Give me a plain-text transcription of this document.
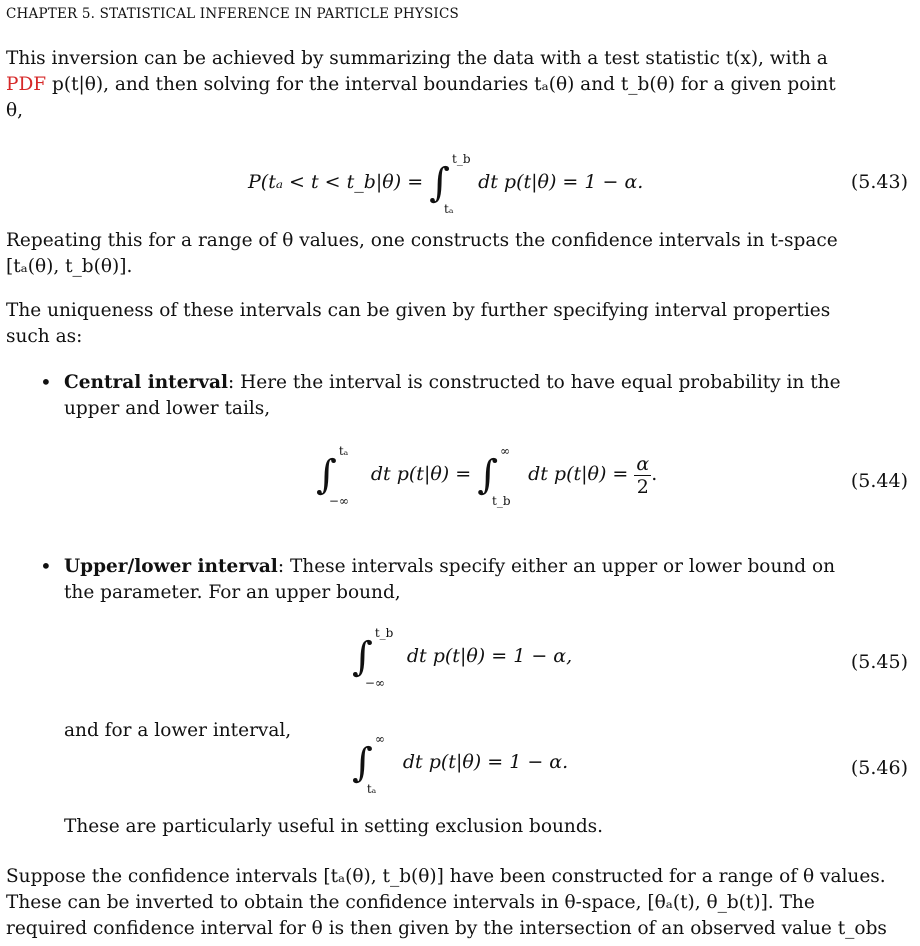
CHAPTER 5. STATISTICAL INFERENCE IN PARTICLE PHYSICS
This inversion can be achieved by summarizing the data with a test statistic t(x), with a
PDF p(t|θ), and then solving for the interval boundaries tₐ(θ) and t_b(θ) for a given point
θ,
P(tₐ < t < t_b|θ) = ∫
t_b
tₐ
dt p(t|θ) = 1 − α.	(5.43)
Repeating this for a range of θ values, one constructs the confidence intervals in t-space
[tₐ(θ), t_b(θ)].
The uniqueness of these intervals can be given by further specifying interval properties
such as:
• Central interval: Here the interval is constructed to have equal probability in the
upper and lower tails,
∫
tₐ
−∞
dt p(t|θ) = ∫
∞
t_b
dt $p(t|\theta) = \frac{\alpha}{2}$ .	(5.44)
• Upper/lower interval: These intervals specify either an upper or lower bound on
the parameter. For an upper bound,
∫
t_b
−∞
dt p(t|θ) = 1 − α,	(5.45)
and for a lower interval,
∫
∞
tₐ
dt p(t|θ) = 1 − α.	(5.46)
These are particularly useful in setting exclusion bounds.
Suppose the confidence intervals [tₐ(θ), t_b(θ)] have been constructed for a range of θ values.
These can be inverted to obtain the confidence intervals in θ-space, [θₐ(t), θ_b(t)]. The
required confidence interval for θ is then given by the intersection of an observed value t_obs
